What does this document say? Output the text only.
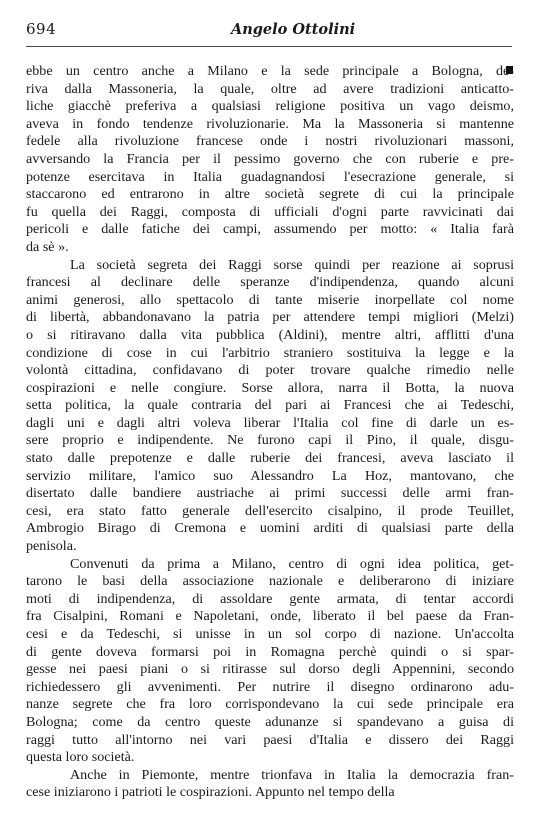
694	Angelo Ottolini
ebbe un centro anche a Milano e la sede principale a Bologna, de-
riva dalla Massoneria, la quale, oltre ad avere tradizioni anticatto-
liche giacchè preferiva a qualsiasi religione positiva un vago deismo,
aveva in fondo tendenze rivoluzionarie. Ma la Massoneria si mantenne
fedele alla rivoluzione francese onde i nostri rivoluzionari massoni,
avversando la Francia per il pessimo governo che con ruberie e pre-
potenze esercitava in Italia guadagnandosi l'esecrazione generale, si
staccarono ed entrarono in altre società segrete di cui la principale
fu quella dei Raggi, composta di ufficiali d'ogni parte ravvicinati dai
pericoli e dalle fatiche dei campi, assumendo per motto: « Italia farà
da sè ».
La società segreta dei Raggi sorse quindi per reazione ai soprusi
francesi al declinare delle speranze d'indipendenza, quando alcuni
animi generosi, allo spettacolo di tante miserie inorpellate col nome
di libertà, abbandonavano la patria per attendere tempi migliori (Melzi)
o si ritiravano dalla vita pubblica (Aldini), mentre altri, afflitti d'una
condizione di cose in cui l'arbitrio straniero sostituiva la legge e la
volontà cittadina, confidavano di poter trovare qualche rimedio nelle
cospirazioni e nelle congiure. Sorse allora, narra il Botta, la nuova
setta politica, la quale contraria del pari ai Francesi che ai Tedeschi,
dagli uni e dagli altri voleva liberar l'Italia col fine di darle un es-
sere proprio e indipendente. Ne furono capi il Pino, il quale, disgu-
stato dalle prepotenze e dalle ruberie dei francesi, aveva lasciato il
servizio militare, l'amico suo Alessandro La Hoz, mantovano, che
disertato dalle bandiere austriache ai primi successi delle armi fran-
cesi, era stato fatto generale dell'esercito cisalpino, il prode Teuillet,
Ambrogio Birago di Cremona e uomini arditi di qualsiasi parte della
penisola.
Convenuti da prima a Milano, centro di ogni idea politica, get-
tarono le basi della associazione nazionale e deliberarono di iniziare
moti di indipendenza, di assoldare gente armata, di tentar accordi
fra Cisalpini, Romani e Napoletani, onde, liberato il bel paese da Fran-
cesi e da Tedeschi, si unisse in un sol corpo di nazione. Un'accolta
di gente doveva formarsi poi in Romagna perchè quindi o si spar-
gesse nei paesi piani o si ritirasse sul dorso degli Appennini, secondo
richiedessero gli avvenimenti. Per nutrire il disegno ordinarono adu-
nanze segrete che fra loro corrispondevano la cui sede principale era
Bologna; come da centro queste adunanze si spandevano a guisa di
raggi tutto all'intorno nei vari paesi d'Italia e dissero dei Raggi
questa loro società.
Anche in Piemonte, mentre trionfava in Italia la democrazia fran-
cese iniziarono i patrioti le cospirazioni. Appunto nel tempo della
